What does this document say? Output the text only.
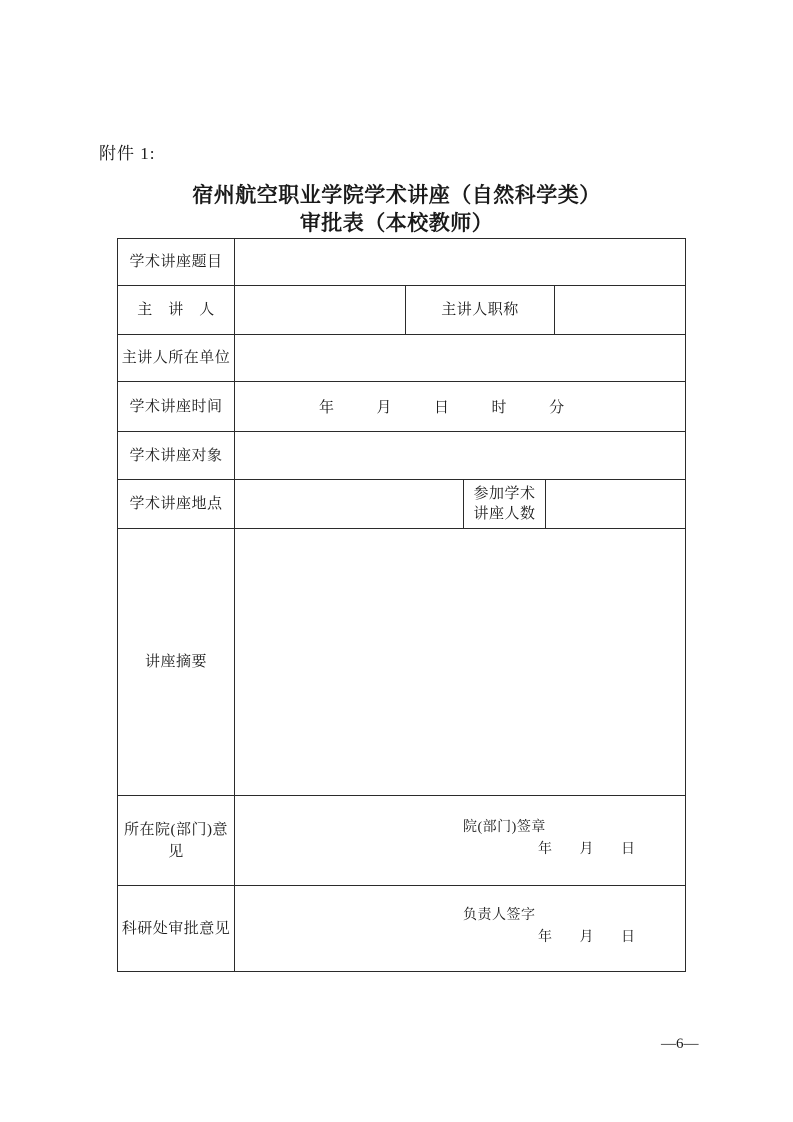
附件 1:
宿州航空职业学院学术讲座（自然科学类）
审批表（本校教师）
学术讲座题目					
主　讲　人		主讲人职称			
主讲人所在单位					
学术讲座时间	年 月 日 时 分				

学术讲座对象					
学术讲座地点			参加学术
讲座人数		

讲座摘要					
所在院(部门)意见	院(部门)签章
年 月 日				

科研处审批意见	负责人签字
年 月 日				
—6—
